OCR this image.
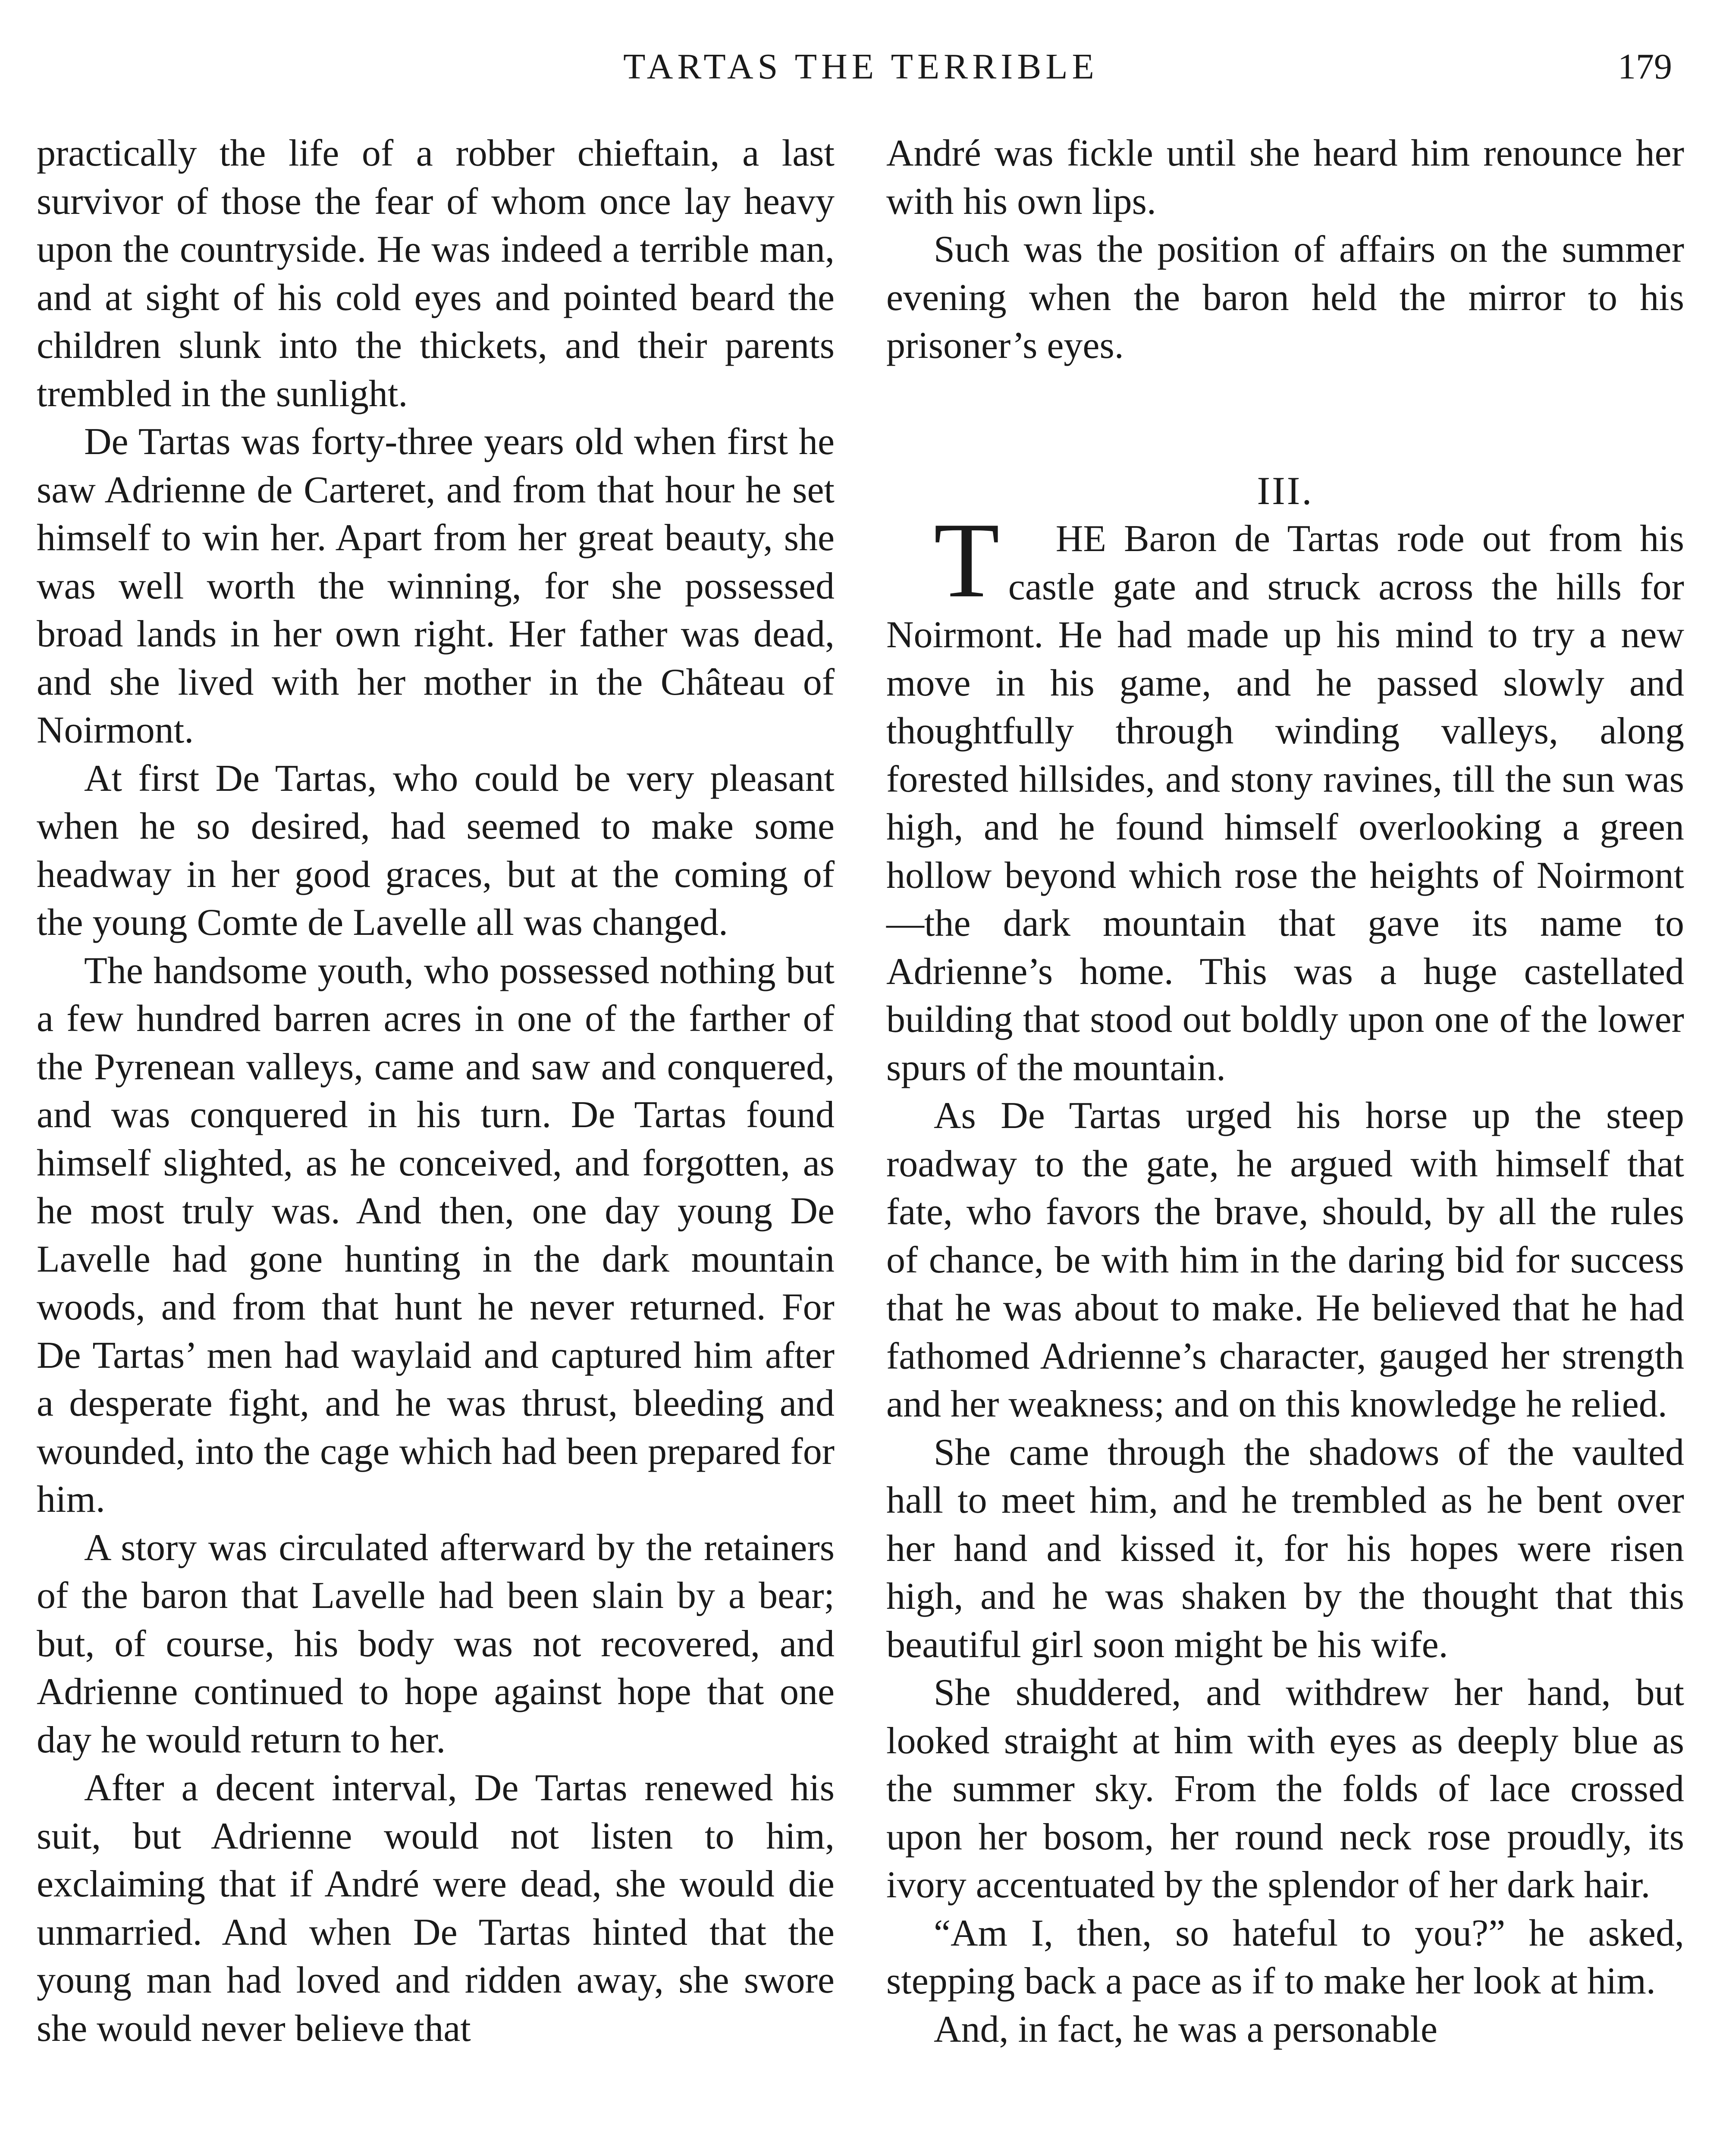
TARTAS THE TERRIBLE	179

practically the life of a robber chieftain, a last survivor of those the fear of whom once lay heavy upon the countryside. He was indeed a terrible man, and at sight of his cold eyes and pointed beard the children slunk into the thickets, and their parents trembled in the sunlight.

De Tartas was forty-three years old when first he saw Adrienne de Carteret, and from that hour he set himself to win her. Apart from her great beauty, she was well worth the winning, for she possessed broad lands in her own right. Her father was dead, and she lived with her mother in the Château of Noirmont.

At first De Tartas, who could be very pleasant when he so desired, had seemed to make some headway in her good graces, but at the coming of the young Comte de Lavelle all was changed.

The handsome youth, who possessed nothing but a few hundred barren acres in one of the farther of the Pyrenean valleys, came and saw and conquered, and was conquered in his turn. De Tartas found himself slighted, as he conceived, and forgotten, as he most truly was. And then, one day young De Lavelle had gone hunting in the dark mountain woods, and from that hunt he never returned. For De Tartas’ men had waylaid and captured him after a desperate fight, and he was thrust, bleeding and wounded, into the cage which had been prepared for him.

A story was circulated afterward by the retainers of the baron that Lavelle had been slain by a bear; but, of course, his body was not recovered, and Adrienne continued to hope against hope that one day he would return to her.

After a decent interval, De Tartas renewed his suit, but Adrienne would not listen to him, exclaiming that if André were dead, she would die unmarried. And when De Tartas hinted that the young man had loved and ridden away, she swore she would never believe that

André was fickle until she heard him renounce her with his own lips.

Such was the position of affairs on the summer evening when the baron held the mirror to his prisoner’s eyes.

III.

T HE Baron de Tartas rode out from his castle gate and struck across the hills for Noirmont. He had made up his mind to try a new move in his game, and he passed slowly and thoughtfully through winding valleys, along forested hillsides, and stony ravines, till the sun was high, and he found himself overlooking a green hollow beyond which rose the heights of Noirmont—the dark mountain that gave its name to Adrienne’s home. This was a huge castellated building that stood out boldly upon one of the lower spurs of the mountain.

As De Tartas urged his horse up the steep roadway to the gate, he argued with himself that fate, who favors the brave, should, by all the rules of chance, be with him in the daring bid for success that he was about to make. He believed that he had fathomed Adrienne’s character, gauged her strength and her weakness; and on this knowledge he relied.

She came through the shadows of the vaulted hall to meet him, and he trembled as he bent over her hand and kissed it, for his hopes were risen high, and he was shaken by the thought that this beautiful girl soon might be his wife.

She shuddered, and withdrew her hand, but looked straight at him with eyes as deeply blue as the summer sky. From the folds of lace crossed upon her bosom, her round neck rose proudly, its ivory accentuated by the splendor of her dark hair.

“Am I, then, so hateful to you?” he asked, stepping back a pace as if to make her look at him.

And, in fact, he was a personable
